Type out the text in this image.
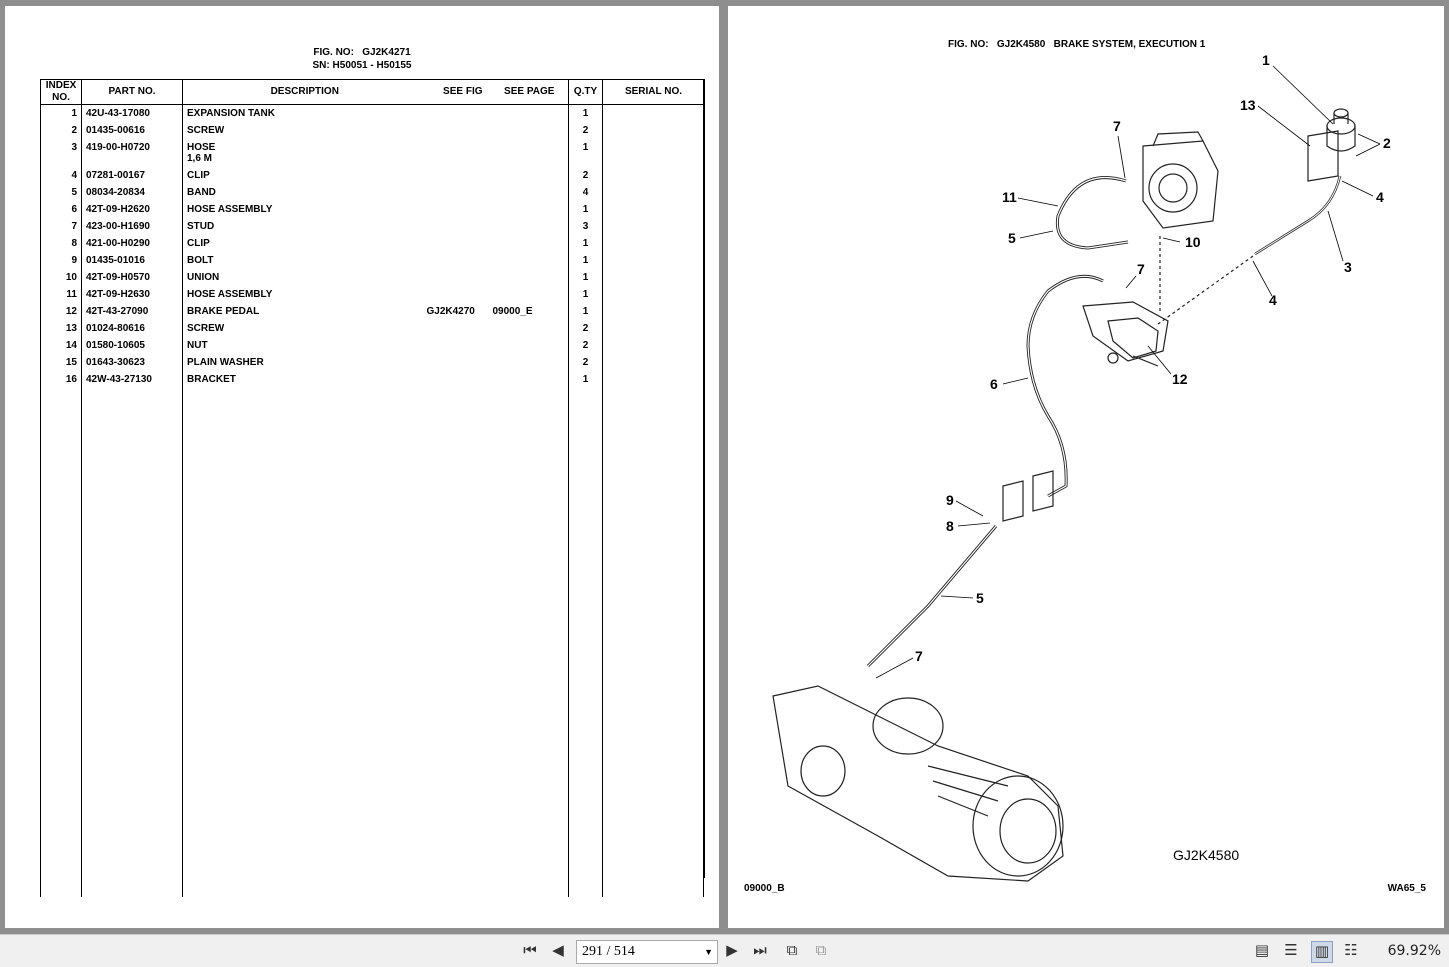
FIG. NO: GJ2K4271
SN: H50051 - H50155
INDEX NO.	PART NO.	DESCRIPTION	SEE FIG	SEE PAGE	Q.TY	SERIAL NO.
1	42U-43-17080	EXPANSION TANK			1	
2	01435-00616	SCREW			2	
3	419-00-H0720	HOSE
1,6 M			1	
4	07281-00167	CLIP			2	
5	08034-20834	BAND			4	
6	42T-09-H2620	HOSE ASSEMBLY			1	
7	423-00-H1690	STUD			3	
8	421-00-H0290	CLIP			1	
9	01435-01016	BOLT			1	
10	42T-09-H0570	UNION			1	
11	42T-09-H2630	HOSE ASSEMBLY			1	
12	42T-43-27090	BRAKE PEDAL	GJ2K4270	09000_E	1	
13	01024-80616	SCREW			2	
14	01580-10605	NUT			2	
15	01643-30623	PLAIN WASHER			2	
16	42W-43-27130	BRACKET			1	

FIG. NO: GJ2K4580 BRAKE SYSTEM, EXECUTION 1
1
13
2
7
11
10
5
4
3
7
4
6	12
9
8
5
7
GJ2K4580
09000_B	WA65_5
⏮ ◀	291 / 514	▼ ▶ ⏭	⧉	⧉	▤ ☰ ▥ ☷ 69.92%
